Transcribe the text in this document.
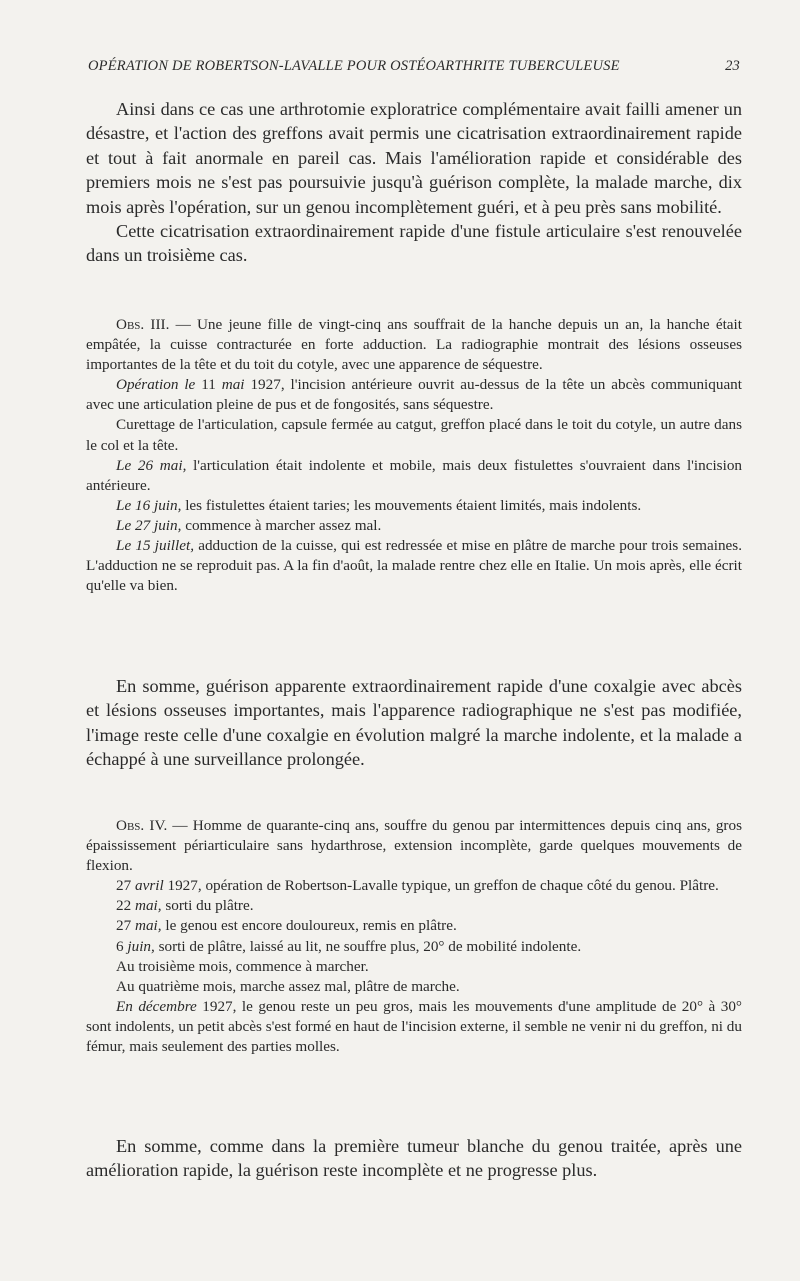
OPÉRATION DE ROBERTSON-LAVALLE POUR OSTÉOARTHRITE TUBERCULEUSE	23

Ainsi dans ce cas une arthrotomie exploratrice complémentaire avait failli amener un désastre, et l'action des greffons avait permis une cicatrisation extraordinairement rapide et tout à fait anormale en pareil cas. Mais l'amélioration rapide et considérable des premiers mois ne s'est pas poursuivie jusqu'à guérison complète, la malade marche, dix mois après l'opération, sur un genou incomplètement guéri, et à peu près sans mobilité.

Cette cicatrisation extraordinairement rapide d'une fistule articulaire s'est renouvelée dans un troisième cas.

Obs. III. — Une jeune fille de vingt-cinq ans souffrait de la hanche depuis un an, la hanche était empâtée, la cuisse contracturée en forte adduction. La radiographie montrait des lésions osseuses importantes de la tête et du toit du cotyle, avec une apparence de séquestre.

Opération le 11 mai 1927, l'incision antérieure ouvrit au-dessus de la tête un abcès communiquant avec une articulation pleine de pus et de fongosités, sans séquestre.

Curettage de l'articulation, capsule fermée au catgut, greffon placé dans le toit du cotyle, un autre dans le col et la tête.

Le 26 mai, l'articulation était indolente et mobile, mais deux fistulettes s'ouvraient dans l'incision antérieure.

Le 16 juin, les fistulettes étaient taries; les mouvements étaient limités, mais indolents.

Le 27 juin, commence à marcher assez mal.

Le 15 juillet, adduction de la cuisse, qui est redressée et mise en plâtre de marche pour trois semaines. L'adduction ne se reproduit pas. A la fin d'août, la malade rentre chez elle en Italie. Un mois après, elle écrit qu'elle va bien.

En somme, guérison apparente extraordinairement rapide d'une coxalgie avec abcès et lésions osseuses importantes, mais l'apparence radiographique ne s'est pas modifiée, l'image reste celle d'une coxalgie en évolution malgré la marche indolente, et la malade a échappé à une surveillance prolongée.

Obs. IV. — Homme de quarante-cinq ans, souffre du genou par intermittences depuis cinq ans, gros épaississement périarticulaire sans hydarthrose, extension incomplète, garde quelques mouvements de flexion.

27 avril 1927, opération de Robertson-Lavalle typique, un greffon de chaque côté du genou. Plâtre.

22 mai, sorti du plâtre.

27 mai, le genou est encore douloureux, remis en plâtre.

6 juin, sorti de plâtre, laissé au lit, ne souffre plus, 20° de mobilité indolente.

Au troisième mois, commence à marcher.

Au quatrième mois, marche assez mal, plâtre de marche.

En décembre 1927, le genou reste un peu gros, mais les mouvements d'une amplitude de 20° à 30° sont indolents, un petit abcès s'est formé en haut de l'incision externe, il semble ne venir ni du greffon, ni du fémur, mais seulement des parties molles.

En somme, comme dans la première tumeur blanche du genou traitée, après une amélioration rapide, la guérison reste incomplète et ne progresse plus.
